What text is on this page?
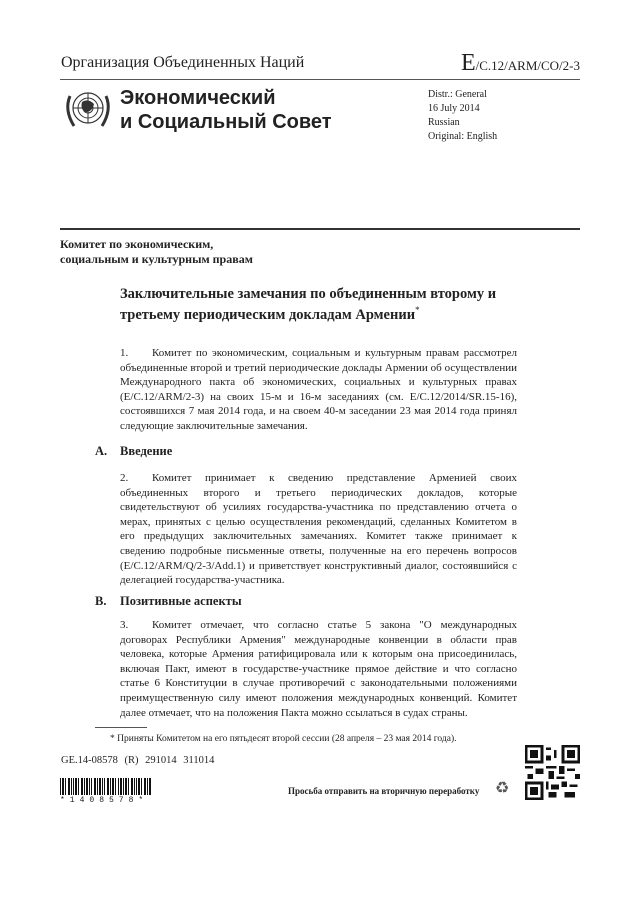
Организация Объединенных Наций	E/C.12/ARM/CO/2-3
Экономический
и Социальный Совет
Distr.: General
16 July 2014
Russian
Original: English
Комитет по экономическим,
социальным и культурным правам
Заключительные замечания по объединенным второму и третьему периодическим докладам Армении*
1. Комитет по экономическим, социальным и культурным правам рассмотрел объединенные второй и третий периодические доклады Армении об осуществлении Международного пакта об экономических, социальных и культурных правах (E/C.12/ARM/2-3) на своих 15-м и 16-м заседаниях (см. E/C.12/2014/SR.15-16), состоявшихся 7 мая 2014 года, и на своем 40-м заседании 23 мая 2014 года принял следующие заключительные замечания.
A. Введение
2. Комитет принимает к сведению представление Арменией своих объединенных второго и третьего периодических докладов, которые свидетельствуют об усилиях государства-участника по представлению отчета о мерах, принятых с целью осуществления рекомендаций, сделанных Комитетом в его предыдущих заключительных замечаниях. Комитет также принимает к сведению подробные письменные ответы, полученные на его перечень вопросов (E/C.12/ARM/Q/2-3/Add.1) и приветствует конструктивный диалог, состоявшийся с делегацией государства-участника.
B. Позитивные аспекты
3. Комитет отмечает, что согласно статье 5 закона "О международных договорах Республики Армения" международные конвенции в области прав человека, которые Армения ратифицировала или к которым она присоединилась, включая Пакт, имеют в государстве-участнике прямое действие и что согласно статье 6 Конституции в случае противоречий с законодательными положениями преимущественную силу имеют положения международных конвенций. Комитет далее отмечает, что на положения Пакта можно ссылаться в судах страны.
* Приняты Комитетом на его пятьдесят второй сессии (28 апреля – 23 мая 2014 года).
GE.14-08578 (R) 291014 311014
*1408578*
Просьба отправить на вторичную переработку ♻
